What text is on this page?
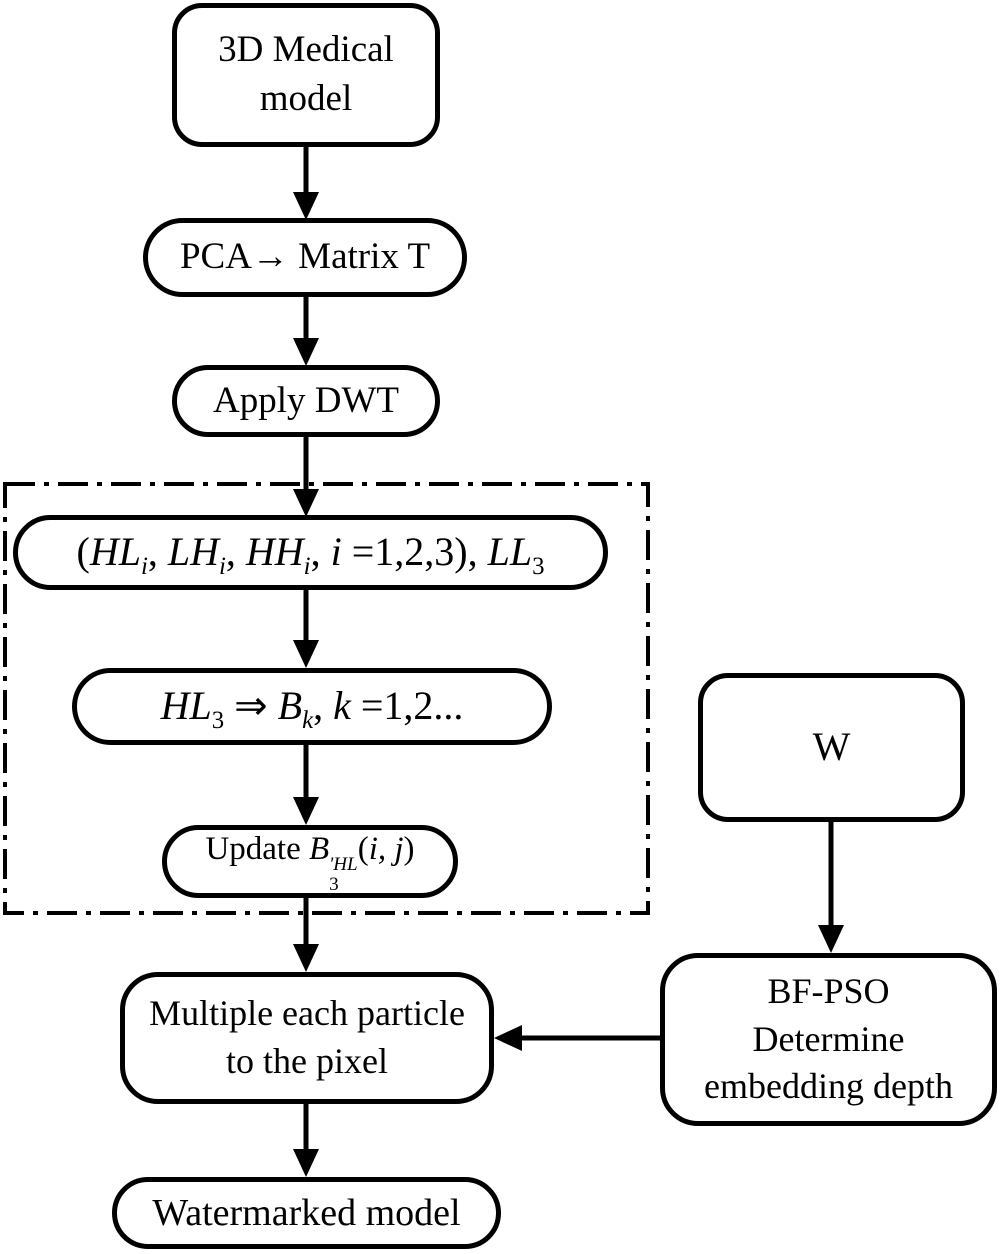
3D Medical model
PCA→ Matrix T
Apply DWT
($HL_i$, $LH_i$, $HH_i$, i =1,2,3), $LL_3$
$HL_3$ ⇒ $B_k$, k =1,2...
Update B 'HL
3
(i, j)
Multiple each particle to the pixel
Watermarked model
W
BF-PSO
Determine
embedding depth
